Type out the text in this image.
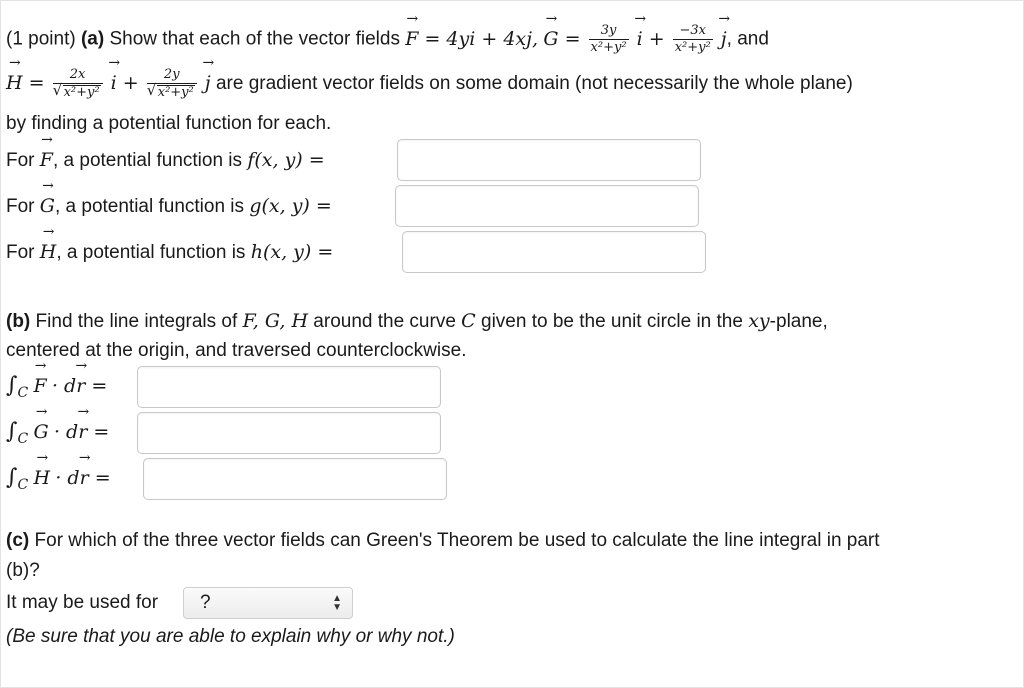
(1 point) (a) Show that each of the vector fields → F = 4yi + 4xj, → $G = \frac{3y}{\text{x²+y²}}$
→ $i + \frac{-3x}{\text{x²+y²}}$
→ j, and
→ H = 2x
√ x²+y²
→ i + 2y
√ x²+y²
→ j are gradient vector fields on some domain (not necessarily the whole plane)
by finding a potential function for each.
For → F, a potential function is f(x, y) =
For → G, a potential function is g(x, y) =
For → H, a potential function is h(x, y) =
(b) Find the line integrals of F, G, H around the curve C given to be the unit circle in the xy-plane,
centered at the origin, and traversed counterclockwise.
$\int_C \to F \cdot d\to r$ =
$\int_C \to G \cdot d\to r$ =
$\int_C \to H \cdot d\to r$ =
(c) For which of the three vector fields can Green's Theorem be used to calculate the line integral in part
(b)?
It may be used for ?	▲
▼
(Be sure that you are able to explain why or why not.)
